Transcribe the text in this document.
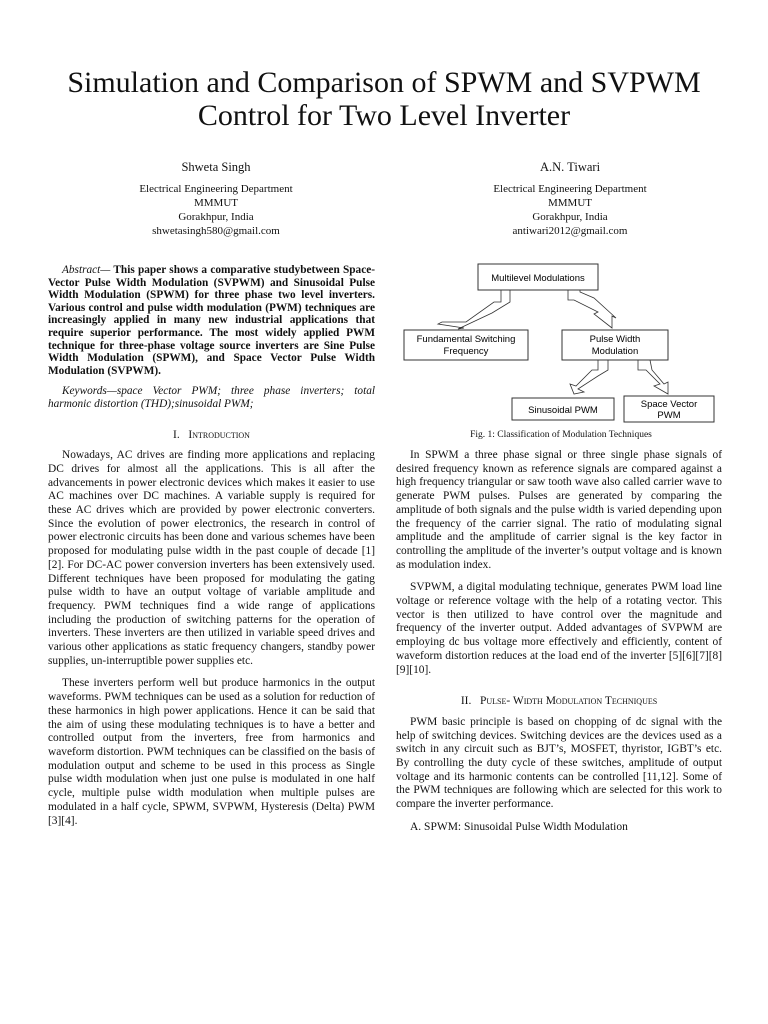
Simulation and Comparison of SPWM and SVPWM Control for Two Level Inverter
Shweta Singh
Electrical Engineering Department
MMMUT
Gorakhpur, India
shwetasingh580@gmail.com
A.N. Tiwari
Electrical Engineering Department
MMMUT
Gorakhpur, India
antiwari2012@gmail.com
Abstract— This paper shows a comparative studybetween Space-Vector Pulse Width Modulation (SVPWM) and Sinusoidal Pulse Width Modulation (SPWM) for three phase two level inverters. Various control and pulse width modulation (PWM) techniques are increasingly applied in many new industrial applications that require superior performance. The most widely applied PWM technique for three-phase voltage source inverters are Sine Pulse Width Modulation (SPWM), and Space Vector Pulse Width Modulation (SVPWM).
Keywords—space Vector PWM; three phase inverters; total harmonic distortion (THD);sinusoidal PWM;
I. Introduction

Nowadays, AC drives are finding more applications and replacing DC drives for almost all the applications. This is all after the advancements in power electronic devices which makes it easier to use AC machines over DC machines. A variable supply is required for these AC drives which are provided by power electronic converters. Since the evolution of power electronics, the research in control of power electronic circuits has been done and various schemes have been proposed for modulating pulse width in the past couple of decade [1][2]. For DC-AC power conversion inverters has been extensively used. Different techniques have been proposed for modulating the gating pulse width to have an output voltage of variable amplitude and frequency. PWM techniques find a wide range of applications including the production of switching patterns for the operation of inverters. These inverters are then utilized in variable speed drives and various other applications as static frequency changers, standby power supplies, un-interruptible power supplies etc.

These inverters perform well but produce harmonics in the output waveforms. PWM techniques can be used as a solution for reduction of these harmonics in high power applications. Hence it can be said that the aim of using these modulating techniques is to have a better and controlled output from the inverters, free from harmonics and waveform distortion. PWM techniques can be classified on the basis of modulation output and scheme to be used in this process as Single pulse width modulation when just one pulse is modulated in one half cycle, multiple pulse width modulation when multiple pulses are modulated in a half cycle, SPWM, SVPWM, Hysteresis (Delta) PWM [3][4].

Multilevel Modulations
Fundamental Switching
Frequency
Pulse Width
Modulation
Sinusoidal PWM
Space Vector
PWM
Fig. 1: Classification of Modulation Techniques

In SPWM a three phase signal or three single phase signals of desired frequency known as reference signals are compared against a high frequency triangular or saw tooth wave also called carrier wave to generate PWM pulses. Pulses are generated by comparing the amplitude of both signals and the pulse width is varied depending upon the frequency of the carrier signal. The ratio of modulating signal amplitude and the amplitude of carrier signal is the key factor in controlling the amplitude of the inverter’s output voltage and is known as modulation index.

SVPWM, a digital modulating technique, generates PWM load line voltage or reference voltage with the help of a rotating vector. This vector is then utilized to have control over the magnitude and frequency of the inverter output. Added advantages of SVPWM are employing dc bus voltage more effectively and efficiently, content of waveform distortion reduces at the load end of the inverter [5][6][7][8][9][10].

II. Pulse- Width Modulation Techniques

PWM basic principle is based on chopping of dc signal with the help of switching devices. Switching devices are the devices used as a switch in any circuit such as BJT’s, MOSFET, thyristor, IGBT’s etc. By controlling the duty cycle of these switches, amplitude of output voltage and its harmonic contents can be controlled [11,12]. Some of the PWM techniques are following which are selected for this work to compare the inverter performance.

A. SPWM: Sinusoidal Pulse Width Modulation
